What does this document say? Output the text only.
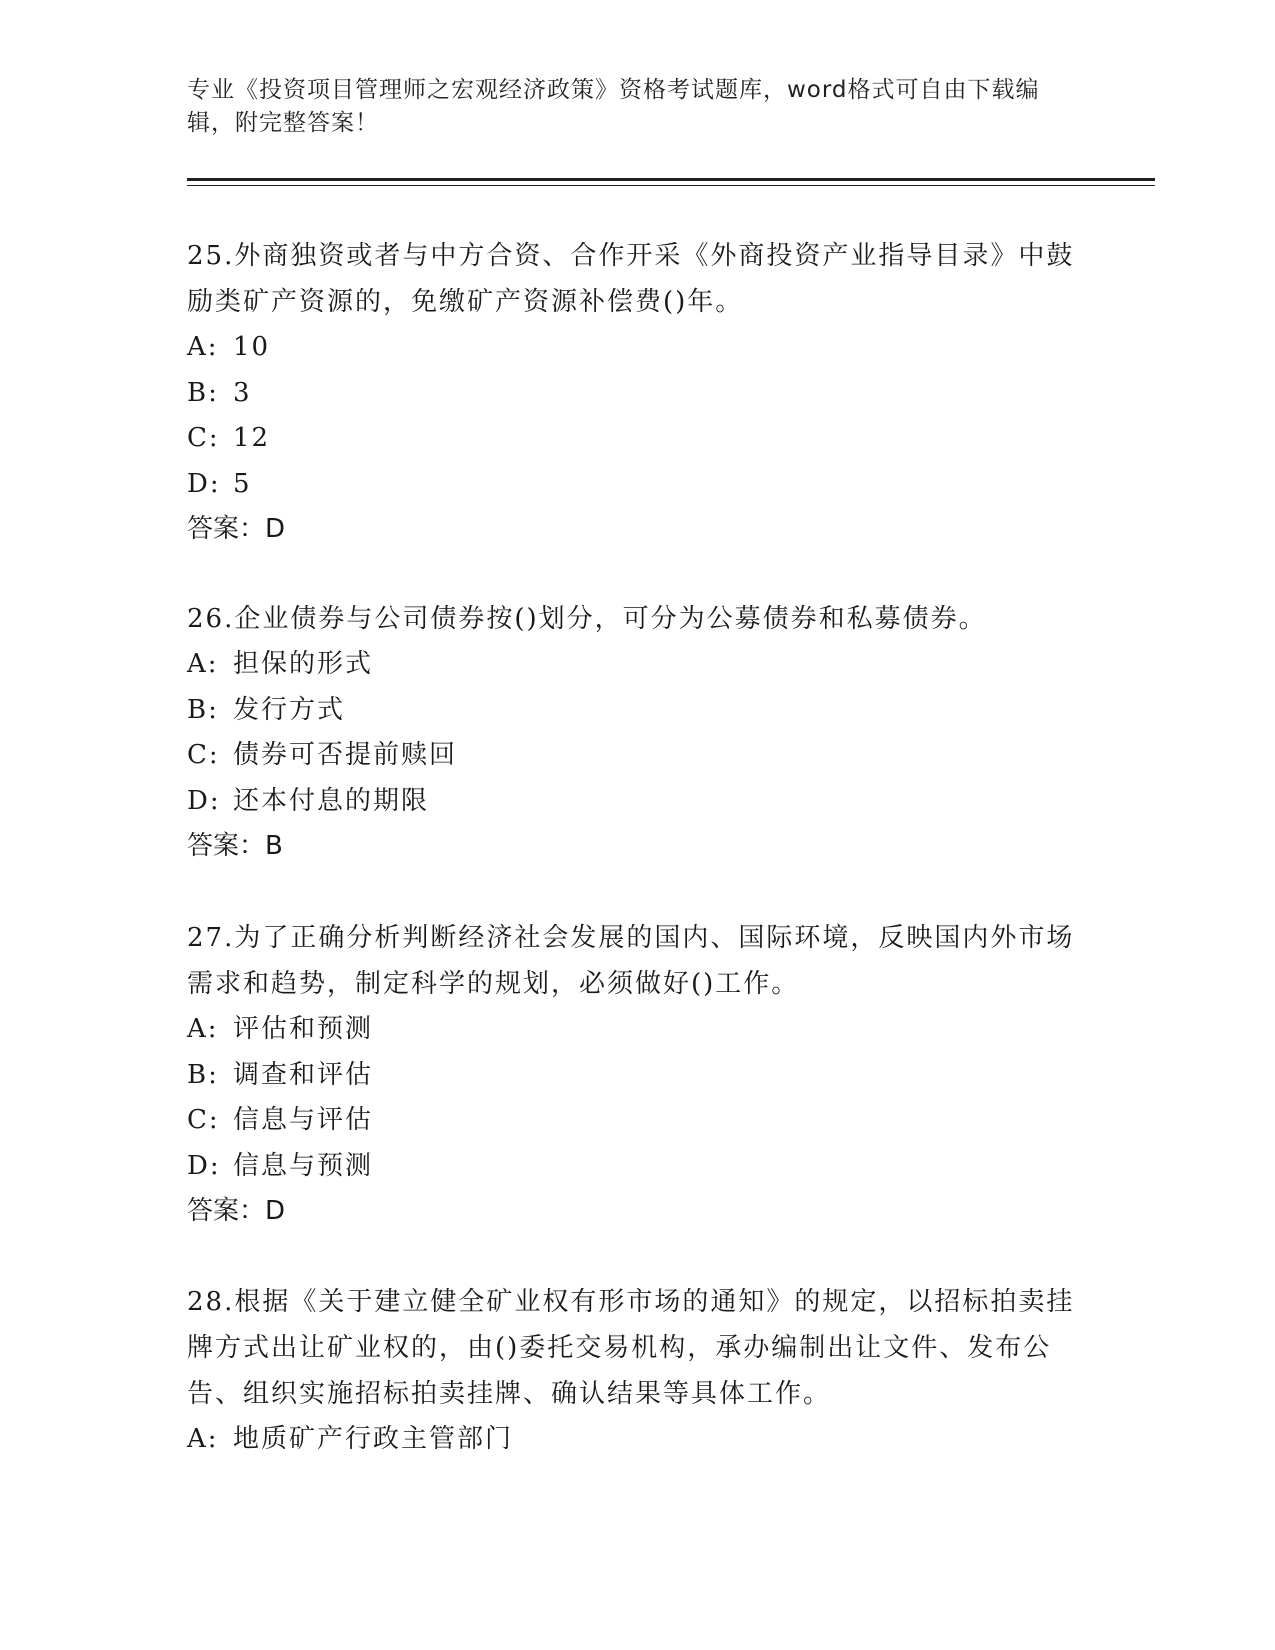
专业《投资项目管理师之宏观经济政策》资格考试题库，word格式可自由下载编辑，附完整答案！

25.外商独资或者与中方合资、合作开采《外商投资产业指导目录》中鼓励类矿产资源的，免缴矿产资源补偿费()年。

A: 10

B: 3

C: 12

D: 5

答案：D

26.企业债券与公司债券按()划分，可分为公募债券和私募债券。

A: 担保的形式

B: 发行方式

C: 债券可否提前赎回

D: 还本付息的期限

答案：B

27.为了正确分析判断经济社会发展的国内、国际环境，反映国内外市场需求和趋势，制定科学的规划，必须做好()工作。

A: 评估和预测

B: 调查和评估

C: 信息与评估

D: 信息与预测

答案：D

28.根据《关于建立健全矿业权有形市场的通知》的规定，以招标拍卖挂牌方式出让矿业权的，由()委托交易机构，承办编制出让文件、发布公告、组织实施招标拍卖挂牌、确认结果等具体工作。

A: 地质矿产行政主管部门
